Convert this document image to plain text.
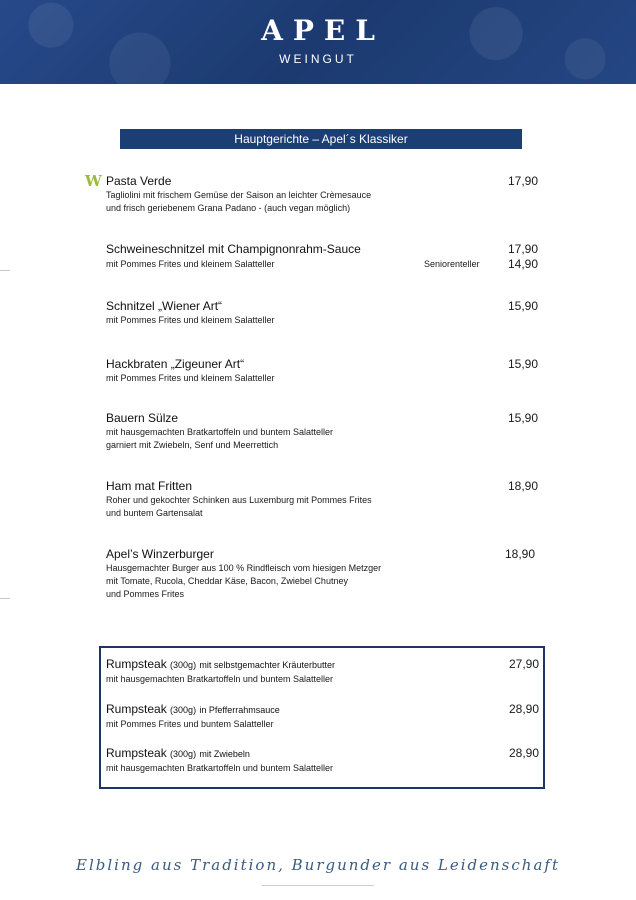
APEL
WEINGUT
Hauptgerichte – Apel´s Klassiker
W Pasta Verde	17,90
Tagliolini mit frischem Gemüse der Saison an leichter Crèmesauce
und frisch geriebenem Grana Padano - (auch vegan möglich)
Schweineschnitzel mit Champignonrahm-Sauce	17,90
mit Pommes Frites und kleinem Salatteller	Seniorenteller 14,90
Schnitzel „Wiener Art“	15,90
mit Pommes Frites und kleinem Salatteller
Hackbraten „Zigeuner Art“	15,90
mit Pommes Frites und kleinem Salatteller
Bauern Sülze	15,90
mit hausgemachten Bratkartoffeln und buntem Salatteller
garniert mit Zwiebeln, Senf und Meerrettich
Ham mat Fritten	18,90
Roher und gekochter Schinken aus Luxemburg mit Pommes Frites
und buntem Gartensalat
Apel’s Winzerburger	18,90
Hausgemachter Burger aus 100 % Rindfleisch vom hiesigen Metzger
mit Tomate, Rucola, Cheddar Käse, Bacon, Zwiebel Chutney
und Pommes Frites
Rumpsteak (300g) mit selbstgemachter Kräuterbutter	27,90
mit hausgemachten Bratkartoffeln und buntem Salatteller
Rumpsteak (300g) in Pfefferrahmsauce	28,90
mit Pommes Frites und buntem Salatteller
Rumpsteak (300g) mit Zwiebeln	28,90
mit hausgemachten Bratkartoffeln und buntem Salatteller
Elbling aus Tradition, Burgunder aus Leidenschaft
